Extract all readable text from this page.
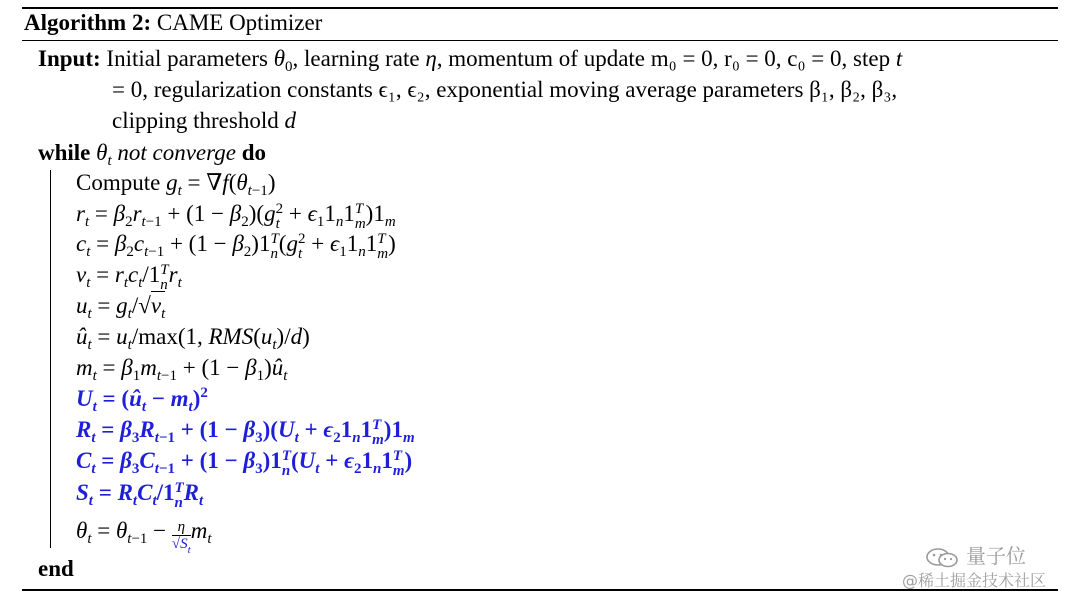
Algorithm 2: CAME Optimizer
Input: Initial parameters $\theta_0$, learning rate η, momentum of update m₀ = 0, r₀ = 0, c₀ = 0, step t
= 0, regularization constants ϵ₁, ϵ₂, exponential moving average parameters β₁, β₂, β₃,
clipping threshold d
while $\theta_t$ not converge do
Compute $g_t = \nabla f(\theta_{t-1})$
$r_t = \beta_2r_{t-1} + (1 - \beta_2)(g$ 2
$t + \epsilon_11_n1$ T
m )$1_m$
$c_t = \beta_2c_{t-1} + (1 - \beta_2)1$ T
n (g 2
$t + \epsilon_11_n1$ T
m )
$v_t = r_tc_t/1$ T
n $r_t$
$u_t = g_t/√v_t$
$û_t = u_t/\max(1$, $RMS(u_t)/d$)
$m_t = \beta_1m_{t-1} + (1$ − $\beta_1)û_t$
$U_t$ = $(û_t - m_t)^2$
$R_t = \beta_3R_{t-1} + (1 - \beta_3)(U_t + \epsilon_21_n1$ T
m )$1_m$
$C_t = \beta_3C_{t-1} + (1 - \beta_3)1$ T
n ($U_t + \epsilon_21_n1$ T
m )
$S_t = R_tC_t/1$ T
n $R_t$
$\theta_t = \theta_{t-1} - \frac{\eta}{√S_t} m_t$
end	量子位
@稀土掘金技术社区
